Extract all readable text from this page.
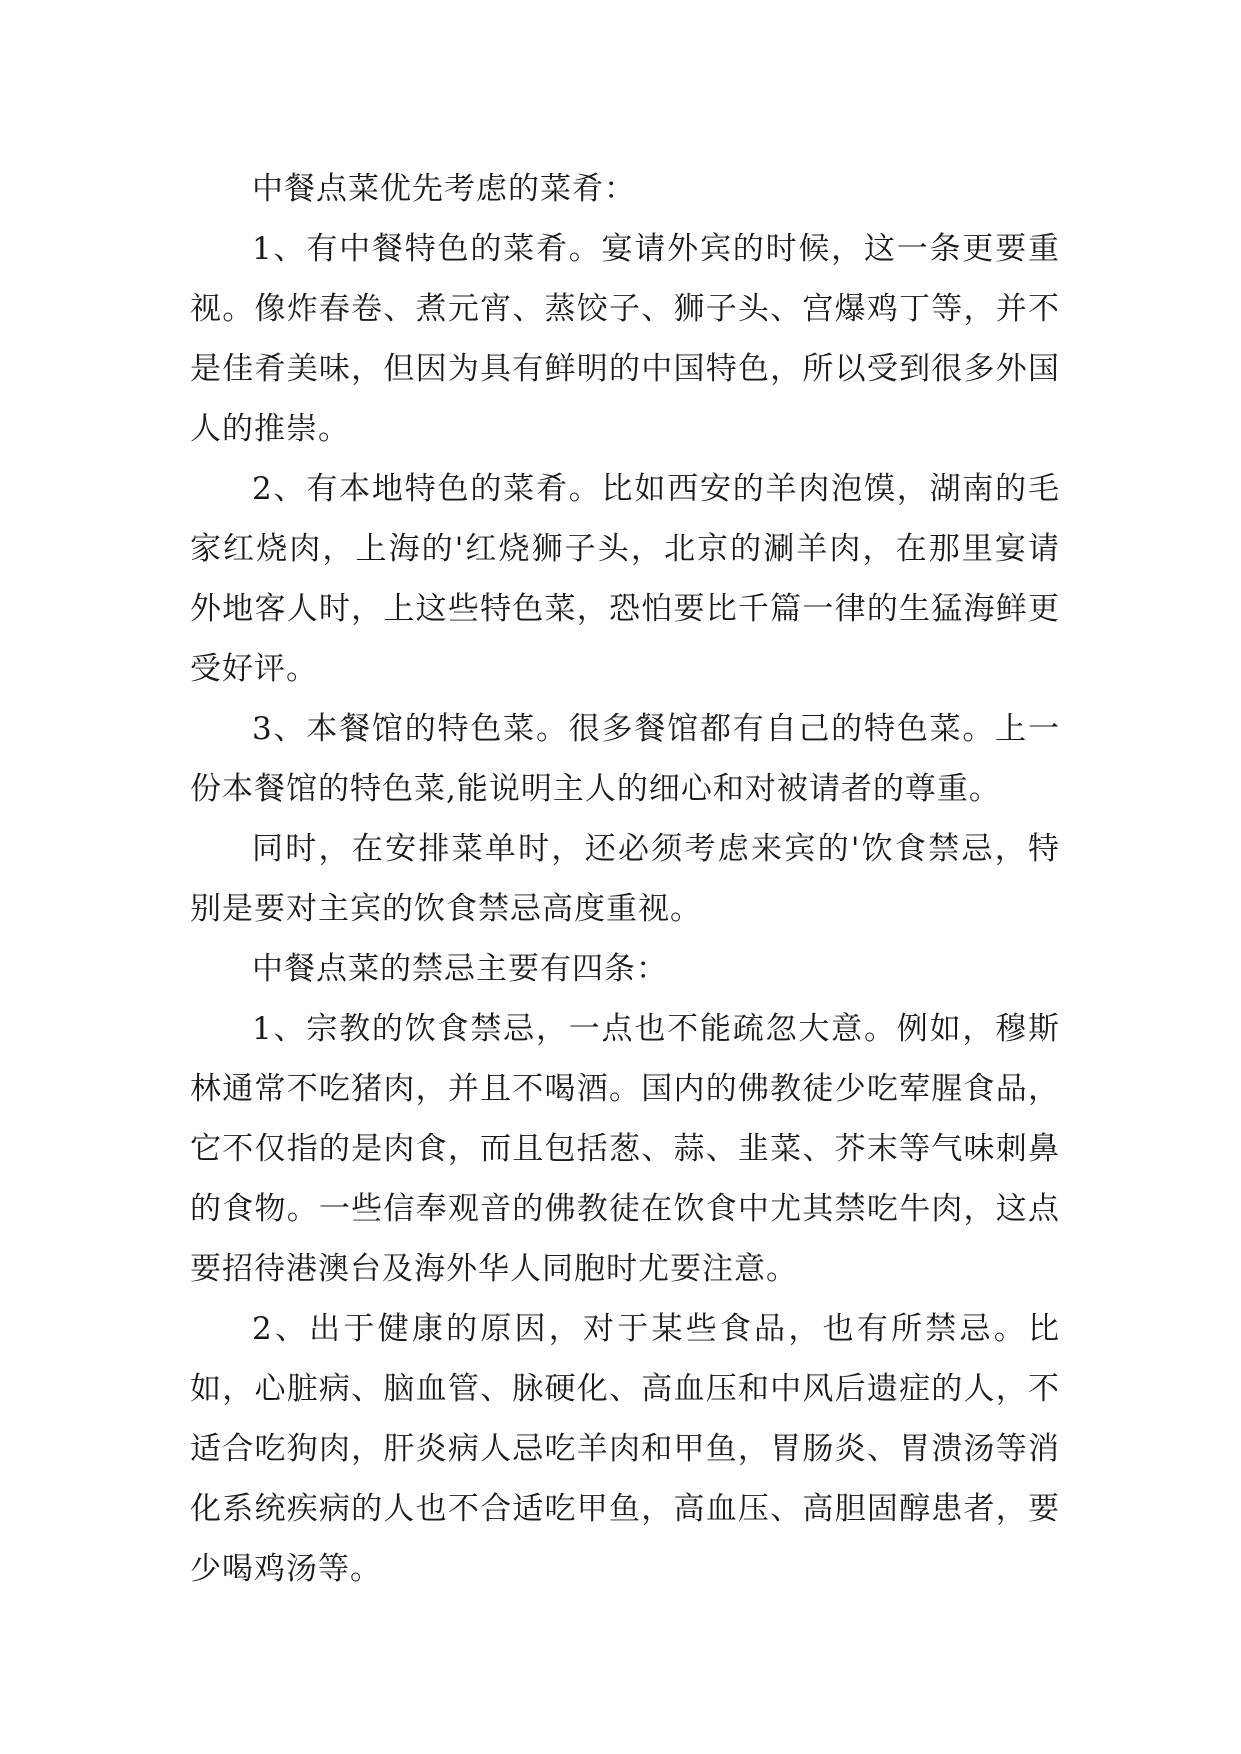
中餐点菜优先考虑的菜肴：

1、有中餐特色的菜肴。宴请外宾的时候，这一条更要重视。像炸春卷、煮元宵、蒸饺子、狮子头、宫爆鸡丁等，并不是佳肴美味，但因为具有鲜明的中国特色，所以受到很多外国人的推崇。

2、有本地特色的菜肴。比如西安的羊肉泡馍，湖南的毛家红烧肉，上海的'红烧狮子头，北京的涮羊肉，在那里宴请外地客人时，上这些特色菜，恐怕要比千篇一律的生猛海鲜更受好评。

3、本餐馆的特色菜。很多餐馆都有自己的特色菜。上一份本餐馆的特色菜,能说明主人的细心和对被请者的尊重。

同时，在安排菜单时，还必须考虑来宾的'饮食禁忌，特别是要对主宾的饮食禁忌高度重视。

中餐点菜的禁忌主要有四条：

1、宗教的饮食禁忌，一点也不能疏忽大意。例如，穆斯林通常不吃猪肉，并且不喝酒。国内的佛教徒少吃荤腥食品，它不仅指的是肉食，而且包括葱、蒜、韭菜、芥末等气味刺鼻的食物。一些信奉观音的佛教徒在饮食中尤其禁吃牛肉，这点要招待港澳台及海外华人同胞时尤要注意。

2、出于健康的原因，对于某些食品，也有所禁忌。比如，心脏病、脑血管、脉硬化、高血压和中风后遗症的人，不适合吃狗肉，肝炎病人忌吃羊肉和甲鱼，胃肠炎、胃溃汤等消化系统疾病的人也不合适吃甲鱼，高血压、高胆固醇患者，要少喝鸡汤等。
